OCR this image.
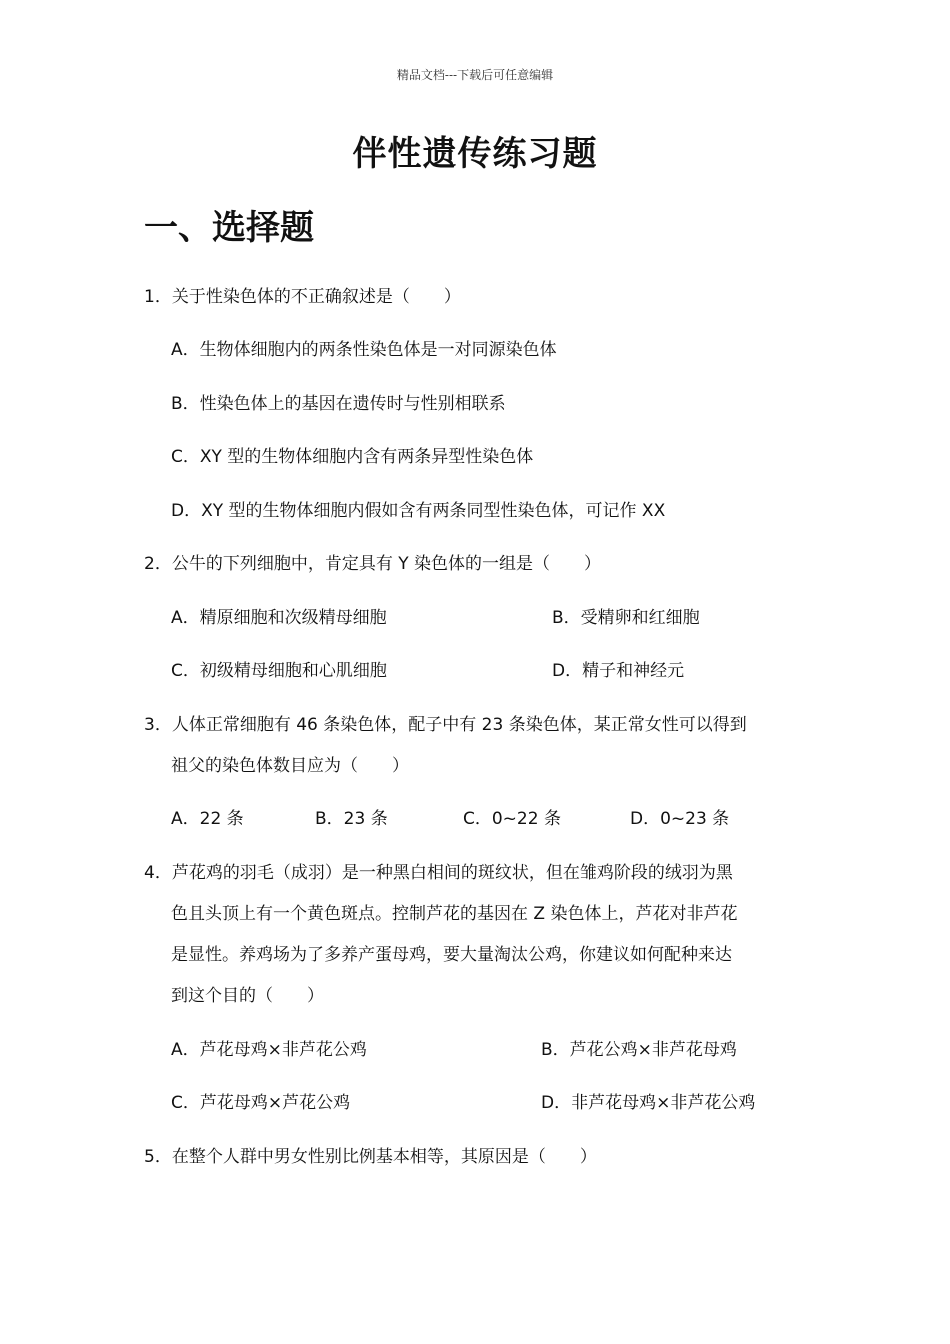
精品文档---下载后可任意编辑
伴性遗传练习题
一、选择题
1．关于性染色体的不正确叙述是（　　）
A．生物体细胞内的两条性染色体是一对同源染色体
B．性染色体上的基因在遗传时与性别相联系
C．XY 型的生物体细胞内含有两条异型性染色体
D．XY 型的生物体细胞内假如含有两条同型性染色体，可记作 XX
2．公牛的下列细胞中，肯定具有 Y 染色体的一组是（　　）
A．精原细胞和次级精母细胞	B．受精卵和红细胞
C．初级精母细胞和心肌细胞	D．精子和神经元
3．人体正常细胞有 46 条染色体，配子中有 23 条染色体，某正常女性可以得到
祖父的染色体数目应为（　　）
A．22 条	B．23 条	C．0~22 条	D．0~23 条
4．芦花鸡的羽毛（成羽）是一种黑白相间的斑纹状，但在雏鸡阶段的绒羽为黑
色且头顶上有一个黄色斑点。控制芦花的基因在 Z 染色体上，芦花对非芦花
是显性。养鸡场为了多养产蛋母鸡，要大量淘汰公鸡，你建议如何配种来达
到这个目的（　　）
A．芦花母鸡×非芦花公鸡	B．芦花公鸡×非芦花母鸡
C．芦花母鸡×芦花公鸡	D．非芦花母鸡×非芦花公鸡
5．在整个人群中男女性别比例基本相等，其原因是（　　）
